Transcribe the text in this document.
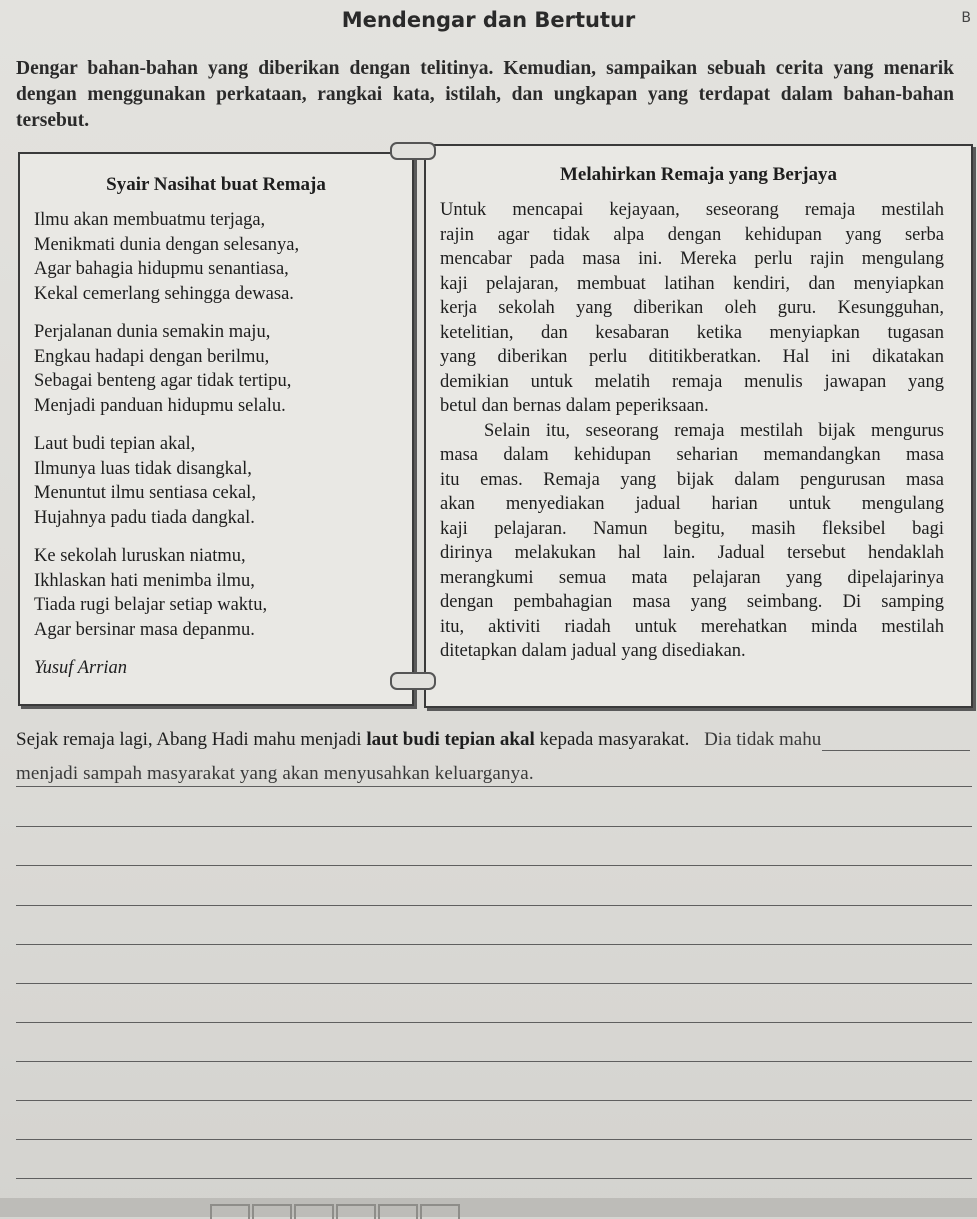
Mendengar dan Bertutur	B
Dengar bahan-bahan yang diberikan dengan telitinya. Kemudian, sampaikan sebuah cerita yang menarik dengan menggunakan perkataan, rangkai kata, istilah, dan ungkapan yang terdapat dalam bahan-bahan tersebut.
Syair Nasihat buat Remaja
Ilmu akan membuatmu terjaga,
Menikmati dunia dengan selesanya,
Agar bahagia hidupmu senantiasa,
Kekal cemerlang sehingga dewasa.
Perjalanan dunia semakin maju,
Engkau hadapi dengan berilmu,
Sebagai benteng agar tidak tertipu,
Menjadi panduan hidupmu selalu.
Laut budi tepian akal,
Ilmunya luas tidak disangkal,
Menuntut ilmu sentiasa cekal,
Hujahnya padu tiada dangkal.
Ke sekolah luruskan niatmu,
Ikhlaskan hati menimba ilmu,
Tiada rugi belajar setiap waktu,
Agar bersinar masa depanmu.
Yusuf Arrian
Melahirkan Remaja yang Berjaya
Untuk mencapai kejayaan, seseorang remaja mestilah
rajin agar tidak alpa dengan kehidupan yang serba
mencabar pada masa ini. Mereka perlu rajin mengulang
kaji pelajaran, membuat latihan kendiri, dan menyiapkan
kerja sekolah yang diberikan oleh guru. Kesungguhan,
ketelitian, dan kesabaran ketika menyiapkan tugasan
yang diberikan perlu dititikberatkan. Hal ini dikatakan
demikian untuk melatih remaja menulis jawapan yang
betul dan bernas dalam peperiksaan.
Selain itu, seseorang remaja mestilah bijak mengurus
masa dalam kehidupan seharian memandangkan masa
itu emas. Remaja yang bijak dalam pengurusan masa
akan menyediakan jadual harian untuk mengulang
kaji pelajaran. Namun begitu, masih fleksibel bagi
dirinya melakukan hal lain. Jadual tersebut hendaklah
merangkumi semua mata pelajaran yang dipelajarinya
dengan pembahagian masa yang seimbang. Di samping
itu, aktiviti riadah untuk merehatkan minda mestilah
ditetapkan dalam jadual yang disediakan.
Sejak remaja lagi, Abang Hadi mahu menjadi laut budi tepian akal kepada masyarakat. Dia tidak mahu
menjadi sampah masyarakat yang akan menyusahkan keluarganya.
